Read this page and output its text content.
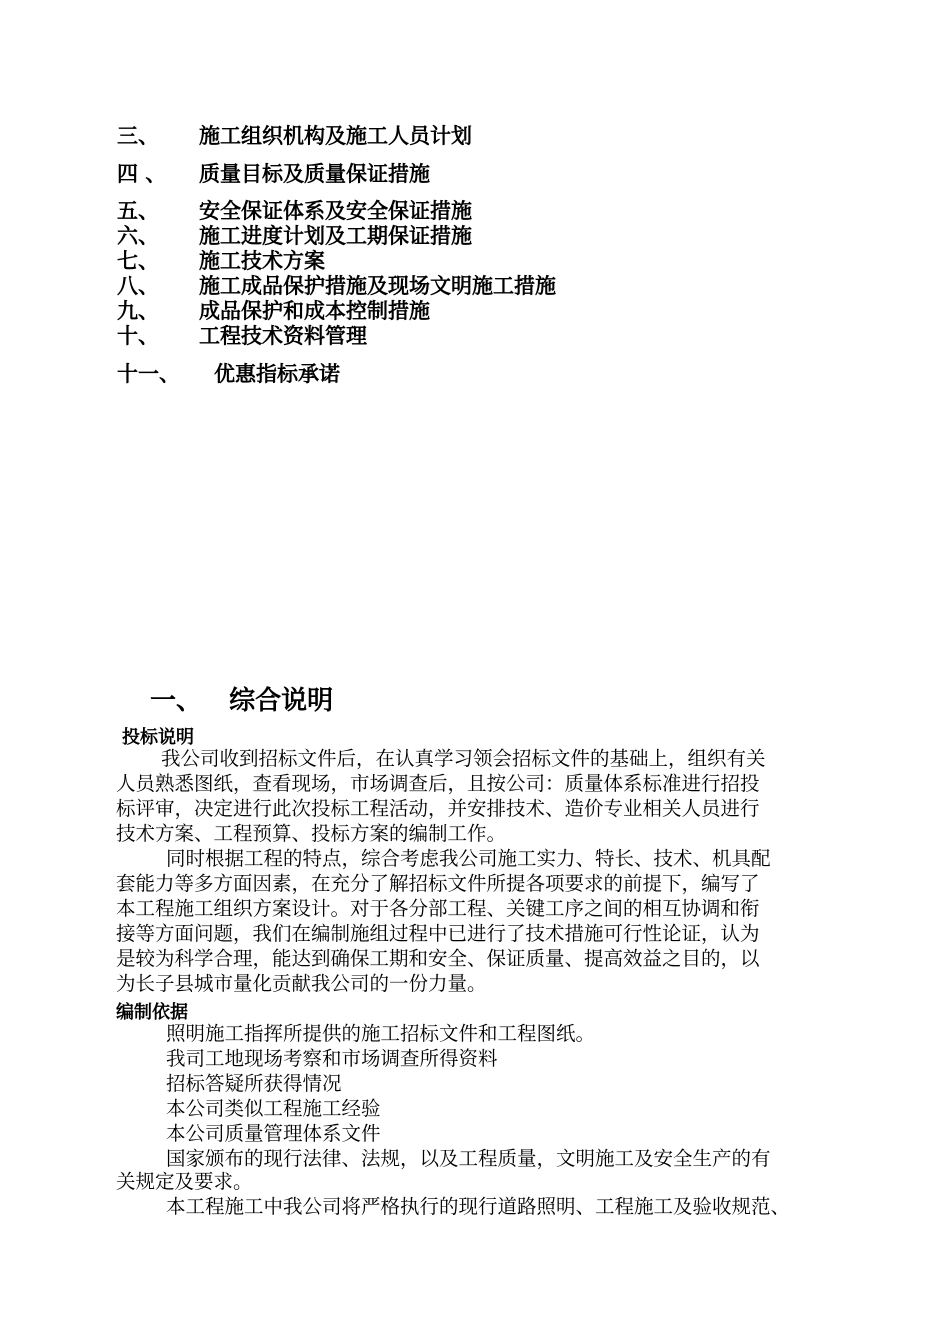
三、 施工组织机构及施工人员计划
四 、 质量目标及质量保证措施
五、 安全保证体系及安全保证措施
六、 施工进度计划及工期保证措施
七、 施工技术方案
八、 施工成品保护措施及现场文明施工措施
九、 成品保护和成本控制措施
十、 工程技术资料管理
十一、 优惠指标承诺
一、 综合说明
投标说明
我公司收到招标文件后，在认真学习领会招标文件的基础上，组织有关
人员熟悉图纸，查看现场，市场调查后，且按公司：质量体系标准进行招投
标评审，决定进行此次投标工程活动，并安排技术、造价专业相关人员进行
技术方案、工程预算、投标方案的编制工作。
同时根据工程的特点，综合考虑我公司施工实力、特长、技术、机具配
套能力等多方面因素，在充分了解招标文件所提各项要求的前提下，编写了
本工程施工组织方案设计。对于各分部工程、关键工序之间的相互协调和衔
接等方面问题，我们在编制施组过程中已进行了技术措施可行性论证，认为
是较为科学合理，能达到确保工期和安全、保证质量、提高效益之目的，以
为长子县城市量化贡献我公司的一份力量。
编制依据
照明施工指挥所提供的施工招标文件和工程图纸。
我司工地现场考察和市场调查所得资料
招标答疑所获得情况
本公司类似工程施工经验
本公司质量管理体系文件
国家颁布的现行法律、法规，以及工程质量，文明施工及安全生产的有
关规定及要求。
本工程施工中我公司将严格执行的现行道路照明、工程施工及验收规范、
